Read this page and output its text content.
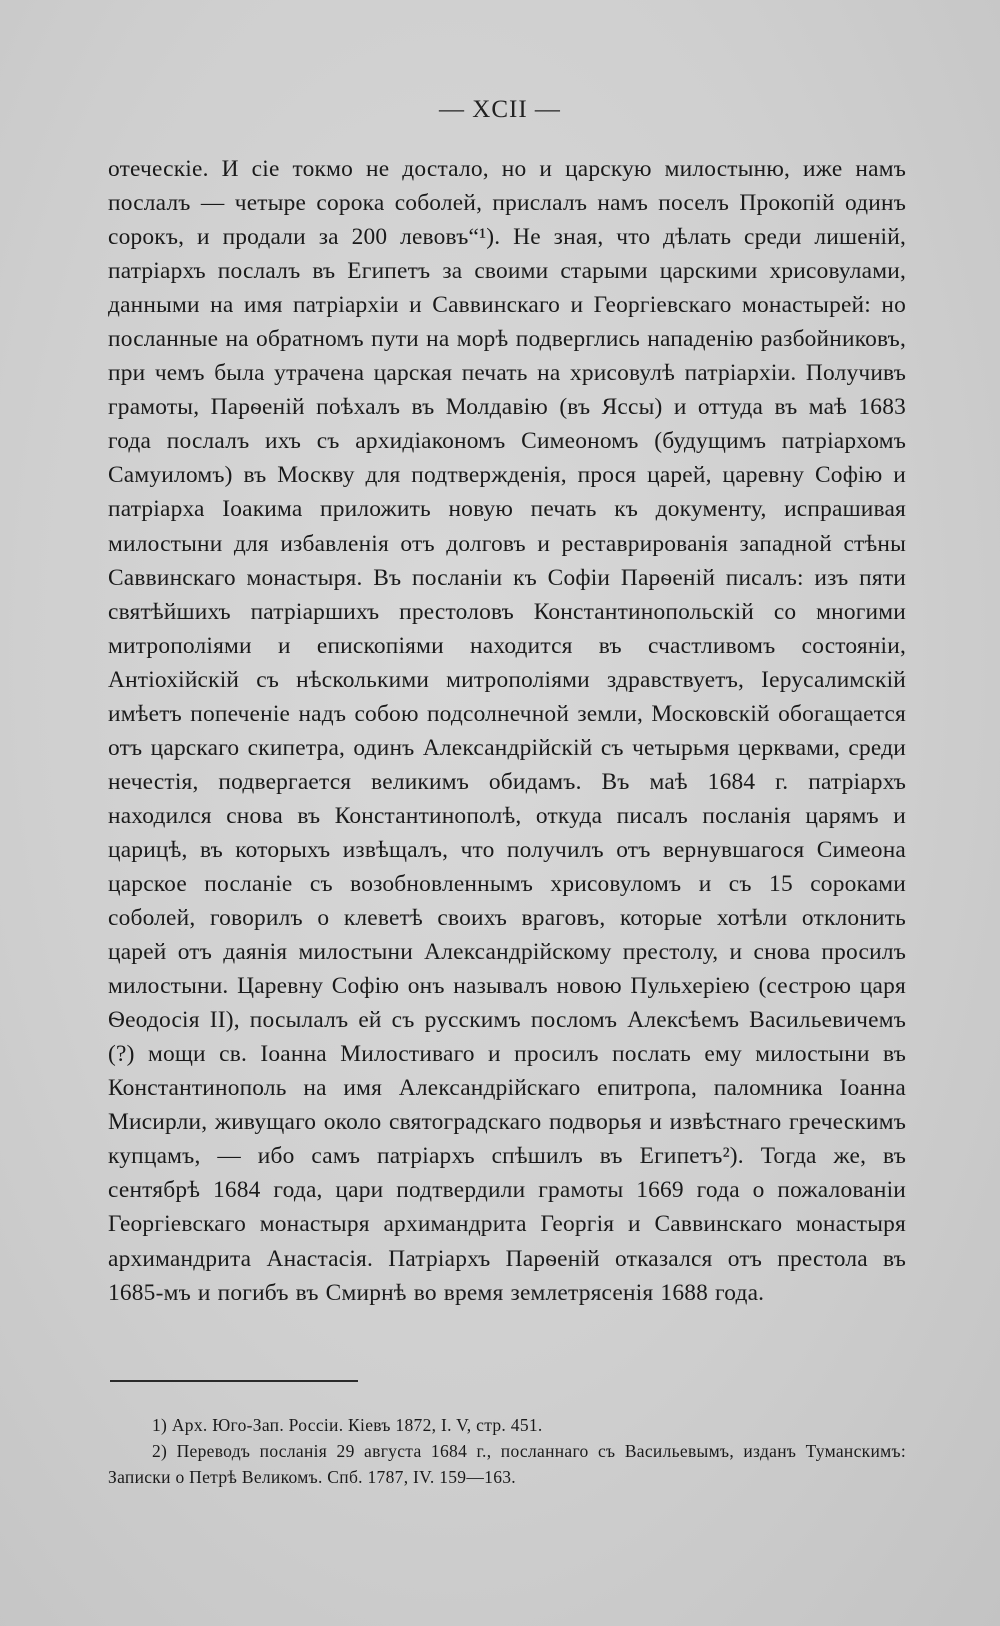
— XCII —

отеческіе. И сіе токмо не достало, но и царскую милостыню, иже намъ послалъ — четыре сорока соболей, прислалъ намъ поселъ Прокопій одинъ сорокъ, и продали за 200 левовъ“¹). Не зная, что дѣлать среди лишеній, патріархъ послалъ въ Египетъ за своими старыми царскими хрисовулами, данными на имя патріархіи и Саввинскаго и Георгіевскаго монастырей: но посланные на обратномъ пути на морѣ подверглись нападенію разбойниковъ, при чемъ была утрачена царская печать на хрисовулѣ патріархіи. Получивъ грамоты, Парѳеній поѣхалъ въ Молдавію (въ Яссы) и оттуда въ маѣ 1683 года послалъ ихъ съ архидіакономъ Симеономъ (будущимъ патріархомъ Самуиломъ) въ Москву для подтвержденія, прося царей, царевну Софію и патріарха Іоакима приложить новую печать къ документу, испрашивая милостыни для избавленія отъ долговъ и реставрированія западной стѣны Саввинскаго монастыря. Въ посланіи къ Софіи Парѳеній писалъ: изъ пяти святѣйшихъ патріаршихъ престоловъ Константинопольскій со многими митрополіями и епископіями находится въ счастливомъ состояніи, Антіохійскій съ нѣсколькими митрополіями здравствуетъ, Іерусалимскій имѣетъ попеченіе надъ собою подсолнечной земли, Московскій обогащается отъ царскаго скипетра, одинъ Александрійскій съ четырьмя церквами, среди нечестія, подвергается великимъ обидамъ. Въ маѣ 1684 г. патріархъ находился снова въ Константинополѣ, откуда писалъ посланія царямъ и царицѣ, въ которыхъ извѣщалъ, что получилъ отъ вернувшагося Симеона царское посланіе съ возобновленнымъ хрисовуломъ и съ 15 сороками соболей, говорилъ о клеветѣ своихъ враговъ, которые хотѣли отклонить царей отъ даянія милостыни Александрійскому престолу, и снова просилъ милостыни. Царевну Софію онъ называлъ новою Пульхеріею (сестрою царя Ѳеодосія II), посылалъ ей съ русскимъ посломъ Алексѣемъ Васильевичемъ (?) мощи св. Іоанна Милостиваго и просилъ послать ему милостыни въ Константинополь на имя Александрійскаго епитропа, паломника Іоанна Мисирли, живущаго около святоградскаго подворья и извѣстнаго греческимъ купцамъ, — ибо самъ патріархъ спѣшилъ въ Египетъ²). Тогда же, въ сентябрѣ 1684 года, цари подтвердили грамоты 1669 года о пожалованіи Георгіевскаго монастыря архимандрита Георгія и Саввинскаго монастыря архимандрита Анастасія. Патріархъ Парѳеній отказался отъ престола въ 1685-мъ и погибъ въ Смирнѣ во время землетрясенія 1688 года.

1) Арх. Юго-Зап. Россіи. Кіевъ 1872, I. V, стр. 451.

2) Переводъ посланія 29 августа 1684 г., посланнаго съ Васильевымъ, изданъ Туманскимъ: Записки о Петрѣ Великомъ. Спб. 1787, IV. 159—163.
